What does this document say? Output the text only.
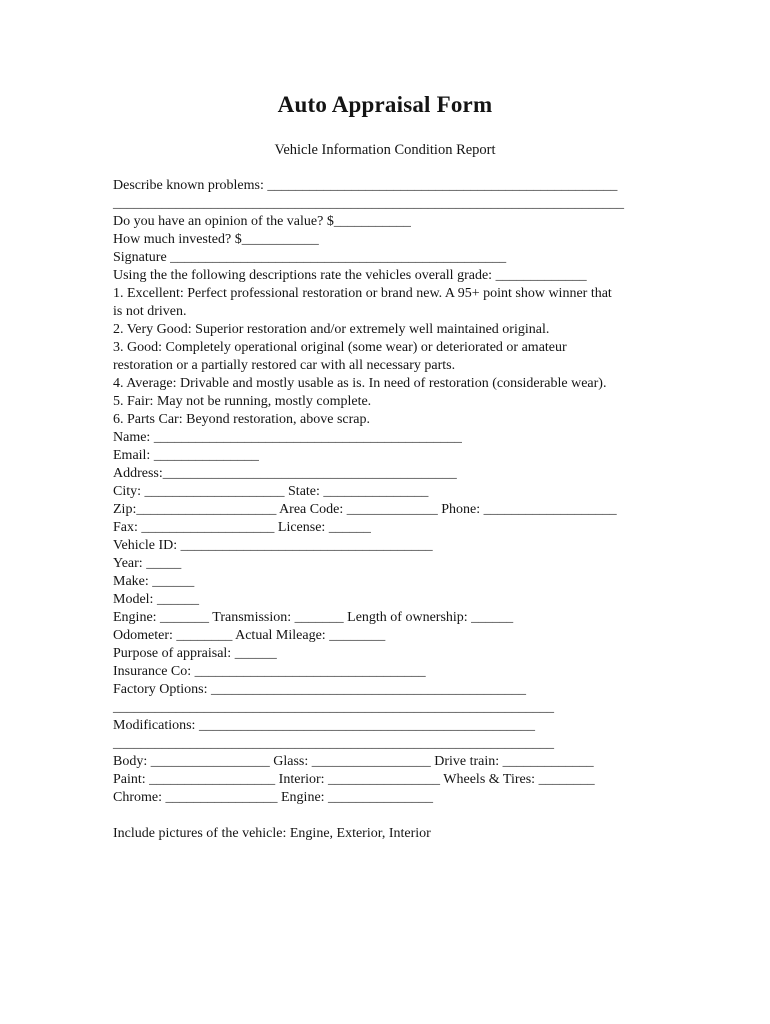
Auto Appraisal Form
Vehicle Information Condition Report
Describe known problems: __________________________________________________
_________________________________________________________________________
Do you have an opinion of the value? $___________
How much invested? $___________
Signature ________________________________________________
Using the the following descriptions rate the vehicles overall grade: _____________
1. Excellent: Perfect professional restoration or brand new. A 95+ point show winner that
is not driven.
2. Very Good: Superior restoration and/or extremely well maintained original.
3. Good: Completely operational original (some wear) or deteriorated or amateur
restoration or a partially restored car with all necessary parts.
4. Average: Drivable and mostly usable as is. In need of restoration (considerable wear).
5. Fair: May not be running, mostly complete.
6. Parts Car: Beyond restoration, above scrap.
Name: ____________________________________________
Email: _______________
Address:__________________________________________
City: ____________________ State: _______________
Zip:____________________ Area Code: _____________ Phone: ___________________
Fax: ___________________ License: ______
Vehicle ID: ____________________________________
Year: _____
Make: ______
Model: ______
Engine: _______ Transmission: _______ Length of ownership: ______
Odometer: ________ Actual Mileage: ________
Purpose of appraisal: ______
Insurance Co: _________________________________
Factory Options: _____________________________________________
_______________________________________________________________
Modifications: ________________________________________________
_______________________________________________________________
Body: _________________ Glass: _________________ Drive train: _____________
Paint: __________________ Interior: ________________ Wheels & Tires: ________
Chrome: ________________ Engine: _______________

Include pictures of the vehicle: Engine, Exterior, Interior
